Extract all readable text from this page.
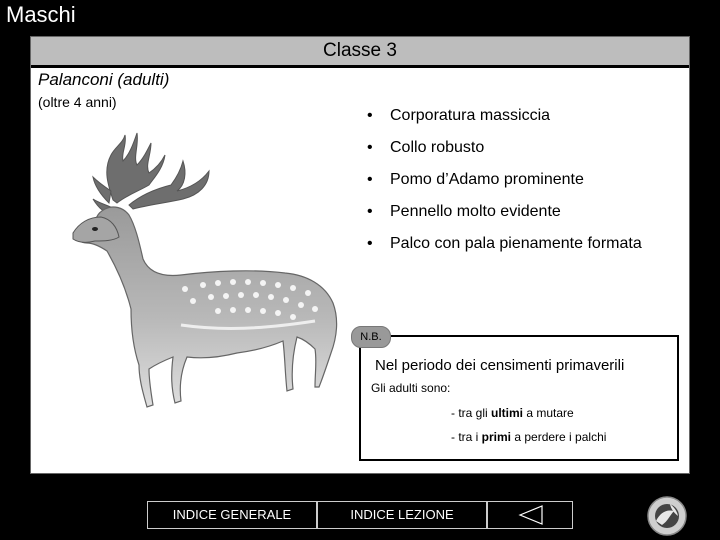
Maschi
Classe 3
Palanconi (adulti)
(oltre 4 anni)
• Corporatura massiccia
• Collo robusto
• Pomo d’Adamo prominente
• Pennello molto evidente
• Palco con pala pienamente formata
Nel periodo dei censimenti primaverili
Gli adulti sono:
- tra gli ultimi a mutare
- tra i primi a perdere i palchi
N.B.
INDICE GENERALE	INDICE LEZIONE
